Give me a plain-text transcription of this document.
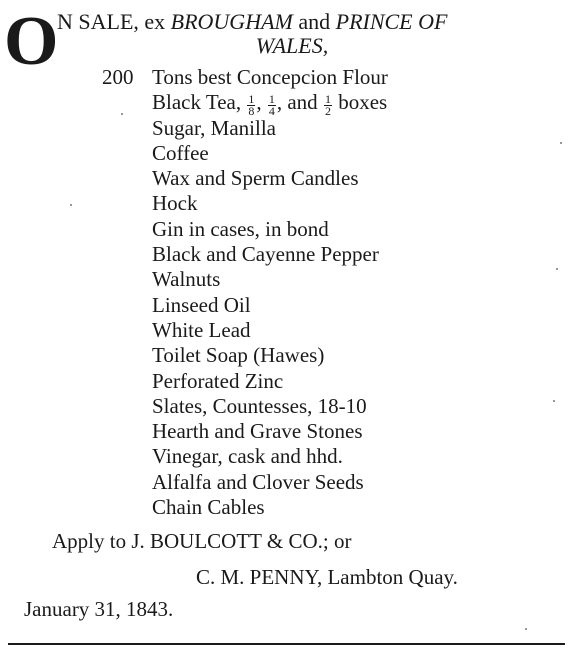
O N SALE, ex BROUGHAM and PRINCE OF
WALES,
200 Tons best Concepcion Flour
Black Tea, $\frac{1}{8}$ , $\frac{1}{4}$ , and $\frac{1}{2}$ boxes
Sugar, Manilla
Coffee
Wax and Sperm Candles
Hock
Gin in cases, in bond
Black and Cayenne Pepper
Walnuts
Linseed Oil
White Lead
Toilet Soap (Hawes)
Perforated Zinc
Slates, Countesses, 18-10
Hearth and Grave Stones
Vinegar, cask and hhd.
Alfalfa and Clover Seeds
Chain Cables
Apply to J. BOULCOTT & CO.; or
C. M. PENNY, Lambton Quay.
January 31, 1843.
